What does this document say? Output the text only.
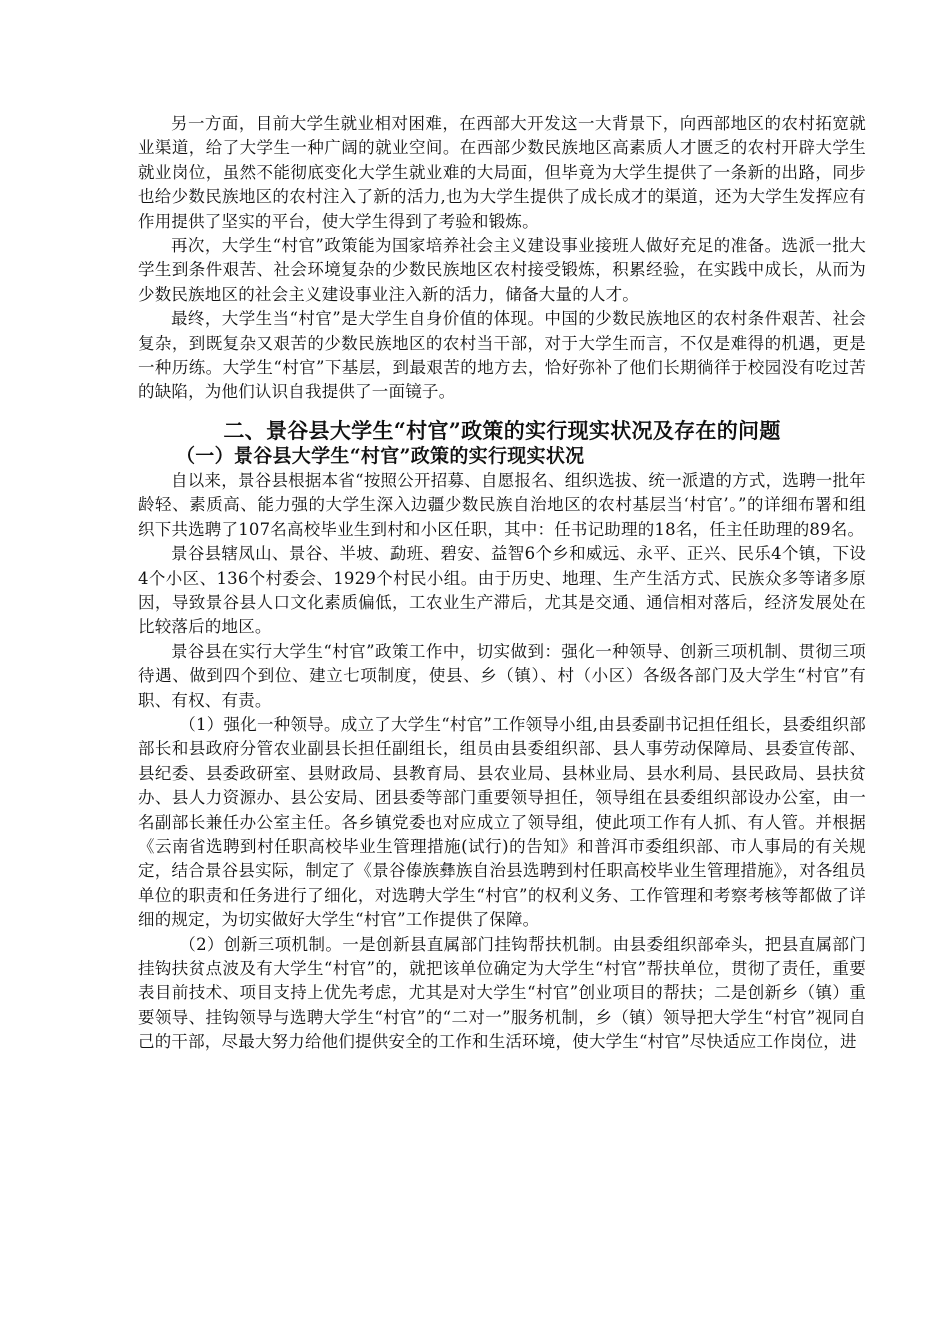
另一方面，目前大学生就业相对困难，在西部大开发这一大背景下，向西部地区的农村拓宽就业渠道，给了大学生一种广阔的就业空间。在西部少数民族地区高素质人才匮乏的农村开辟大学生就业岗位，虽然不能彻底变化大学生就业难的大局面，但毕竟为大学生提供了一条新的出路，同步也给少数民族地区的农村注入了新的活力,也为大学生提供了成长成才的渠道，还为大学生发挥应有作用提供了坚实的平台，使大学生得到了考验和锻炼。

再次，大学生“村官”政策能为国家培养社会主义建设事业接班人做好充足的准备。选派一批大学生到条件艰苦、社会环境复杂的少数民族地区农村接受锻炼，积累经验，在实践中成长，从而为少数民族地区的社会主义建设事业注入新的活力，储备大量的人才。

最终，大学生当“村官”是大学生自身价值的体现。中国的少数民族地区的农村条件艰苦、社会复杂，到既复杂又艰苦的少数民族地区的农村当干部，对于大学生而言，不仅是难得的机遇，更是一种历练。大学生“村官”下基层，到最艰苦的地方去，恰好弥补了他们长期徜徉于校园没有吃过苦的缺陷，为他们认识自我提供了一面镜子。

二、景谷县大学生“村官”政策的实行现实状况及存在的问题
（一）景谷县大学生“村官”政策的实行现实状况

自以来，景谷县根据本省“按照公开招募、自愿报名、组织选拔、统一派遣的方式，选聘一批年龄轻、素质高、能力强的大学生深入边疆少数民族自治地区的农村基层当‘村官’。”的详细布署和组织下共选聘了107名高校毕业生到村和小区任职，其中：任书记助理的18名，任主任助理的89名。

景谷县辖凤山、景谷、半坡、勐班、碧安、益智6个乡和威远、永平、正兴、民乐4个镇，下设4个小区、136个村委会、1929个村民小组。由于历史、地理、生产生活方式、民族众多等诸多原因，导致景谷县人口文化素质偏低，工农业生产滞后，尤其是交通、通信相对落后，经济发展处在比较落后的地区。

景谷县在实行大学生“村官”政策工作中，切实做到：强化一种领导、创新三项机制、贯彻三项待遇、做到四个到位、建立七项制度，使县、乡（镇）、村（小区）各级各部门及大学生“村官”有职、有权、有责。

（1）强化一种领导。成立了大学生“村官”工作领导小组,由县委副书记担任组长，县委组织部部长和县政府分管农业副县长担任副组长，组员由县委组织部、县人事劳动保障局、县委宣传部、县纪委、县委政研室、县财政局、县教育局、县农业局、县林业局、县水利局、县民政局、县扶贫办、县人力资源办、县公安局、团县委等部门重要领导担任，领导组在县委组织部设办公室，由一名副部长兼任办公室主任。各乡镇党委也对应成立了领导组，使此项工作有人抓、有人管。并根据《云南省选聘到村任职高校毕业生管理措施(试行)的告知》和普洱市委组织部、市人事局的有关规定，结合景谷县实际，制定了《景谷傣族彝族自治县选聘到村任职高校毕业生管理措施》，对各组员单位的职责和任务进行了细化，对选聘大学生“村官”的权利义务、工作管理和考察考核等都做了详细的规定，为切实做好大学生“村官”工作提供了保障。

（2）创新三项机制。一是创新县直属部门挂钩帮扶机制。由县委组织部牵头，把县直属部门挂钩扶贫点波及有大学生“村官”的，就把该单位确定为大学生“村官”帮扶单位，贯彻了责任，重要表目前技术、项目支持上优先考虑，尤其是对大学生“村官”创业项目的帮扶；二是创新乡（镇）重要领导、挂钩领导与选聘大学生“村官”的“二对一”服务机制，乡（镇）领导把大学生“村官”视同自己的干部，尽最大努力给他们提供安全的工作和生活环境，使大学生“村官”尽快适应工作岗位，进
